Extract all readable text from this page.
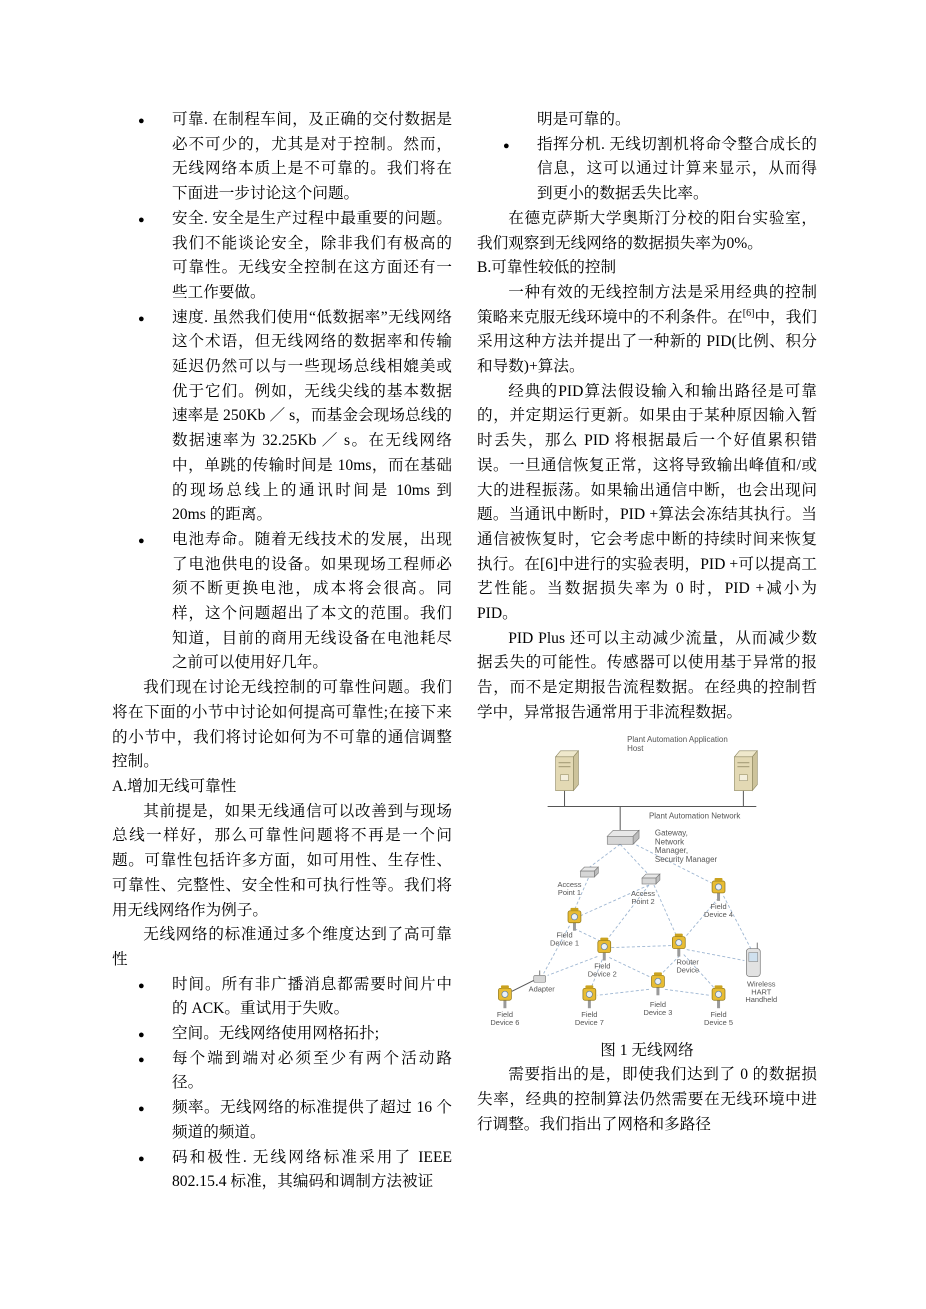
● 可靠. 在制程车间，及正确的交付数据是必不可少的，尤其是对于控制。然而，无线网络本质上是不可靠的。我们将在下面进一步讨论这个问题。
● 安全. 安全是生产过程中最重要的问题。我们不能谈论安全，除非我们有极高的可靠性。无线安全控制在这方面还有一些工作要做。
● 速度. 虽然我们使用“低数据率”无线网络这个术语，但无线网络的数据率和传输延迟仍然可以与一些现场总线相媲美或优于它们。例如，无线尖线的基本数据速率是 250Kb ／ s，而基金会现场总线的数据速率为 32.25Kb ／ s。在无线网络中，单跳的传输时间是 10ms，而在基础的现场总线上的通讯时间是 10ms 到 20ms 的距离。
● 电池寿命。随着无线技术的发展，出现了电池供电的设备。如果现场工程师必须不断更换电池，成本将会很高。同样，这个问题超出了本文的范围。我们知道，目前的商用无线设备在电池耗尽之前可以使用好几年。
我们现在讨论无线控制的可靠性问题。我们将在下面的小节中讨论如何提高可靠性;在接下来的小节中，我们将讨论如何为不可靠的通信调整控制。
A.增加无线可靠性
其前提是，如果无线通信可以改善到与现场总线一样好，那么可靠性问题将不再是一个问题。可靠性包括许多方面，如可用性、生存性、可靠性、完整性、安全性和可执行性等。我们将用无线网络作为例子。
无线网络的标准通过多个维度达到了高可靠性
● 时间。所有非广播消息都需要时间片中的 ACK。重试用于失败。
● 空间。无线网络使用网格拓扑;
● 每个端到端对必须至少有两个活动路径。
● 频率。无线网络的标准提供了超过 16 个频道的频道。
● 码和极性. 无线网络标准采用了 IEEE 802.15.4 标准，其编码和调制方法被证
明是可靠的。
● 指挥分机. 无线切割机将命令整合成长的信息，这可以通过计算来显示，从而得到更小的数据丢失比率。
在德克萨斯大学奥斯汀分校的阳台实验室，我们观察到无线网络的数据损失率为0%。
B.可靠性较低的控制
一种有效的无线控制方法是采用经典的控制策略来克服无线环境中的不利条件。在[6]中，我们采用这种方法并提出了一种新的 PID(比例、积分和导数)+算法。
经典的PID算法假设输入和输出路径是可靠的，并定期运行更新。如果由于某种原因输入暂时丢失，那么 PID 将根据最后一个好值累积错误。一旦通信恢复正常，这将导致输出峰值和/或大的进程振荡。如果输出通信中断，也会出现问题。当通讯中断时，PID +算法会冻结其执行。当通信被恢复时，它会考虑中断的持续时间来恢复执行。在[6]中进行的实验表明，PID +可以提高工艺性能。当数据损失率为 0 时，PID +减小为 PID。
PID Plus 还可以主动减少流量，从而减少数据丢失的可能性。传感器可以使用基于异常的报告，而不是定期报告流程数据。在经典的控制哲学中，异常报告通常用于非流程数据。
Plant Automation Application
Host
Plant Automation Network
Gateway,
Network
Manager,
Security Manager
Access
Point 1	Access
Point 2
Field
Device 1
Field
Device 2
Field
Device 3
Field
Device 4
Field
Device 5
Field
Device 6
Field
Device 7
Router
Device
Wireless
HART
Handheld
Adapter
图 1 无线网络
需要指出的是，即使我们达到了 0 的数据损失率，经典的控制算法仍然需要在无线环境中进行调整。我们指出了网格和多路径
